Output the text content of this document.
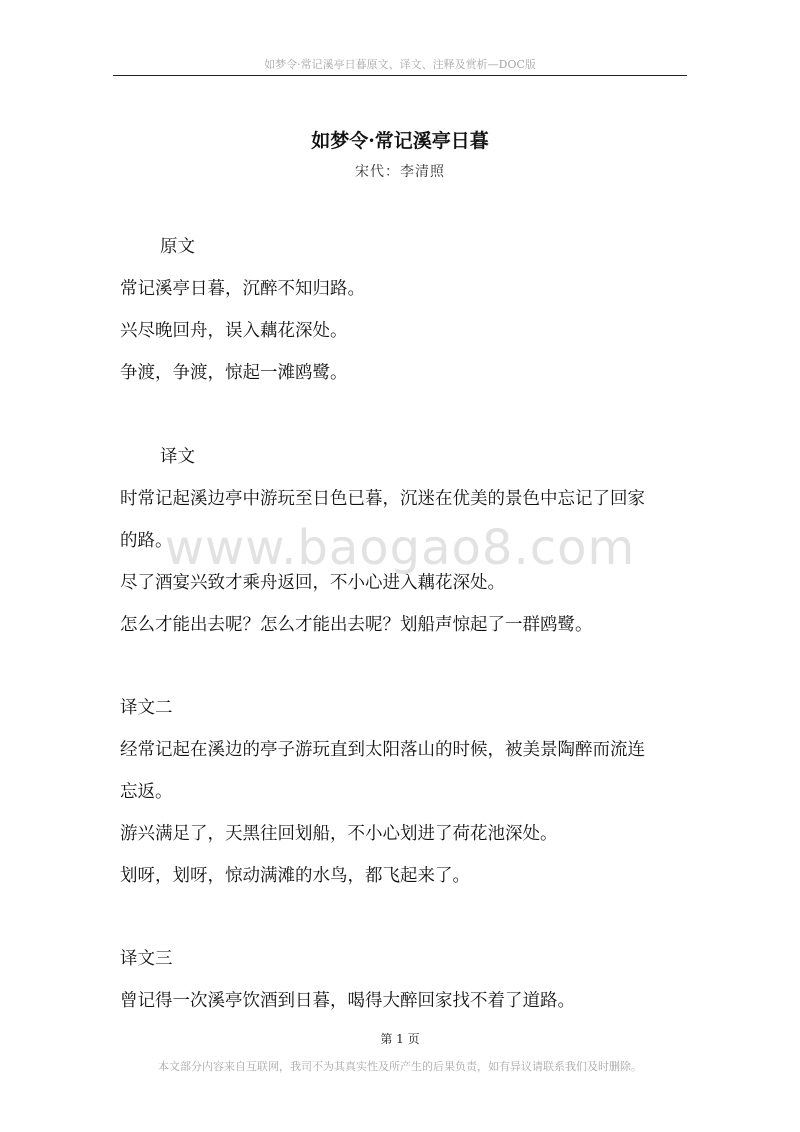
如梦令·常记溪亭日暮原文、译文、注释及赏析—DOC版
如梦令·常记溪亭日暮
宋代：李清照
原文
常记溪亭日暮，沉醉不知归路。
兴尽晚回舟，误入藕花深处。
争渡，争渡，惊起一滩鸥鹭。
译文
时常记起溪边亭中游玩至日色已暮，沉迷在优美的景色中忘记了回家
的路。
尽了酒宴兴致才乘舟返回，不小心进入藕花深处。
怎么才能出去呢？怎么才能出去呢？划船声惊起了一群鸥鹭。
译文二
经常记起在溪边的亭子游玩直到太阳落山的时候，被美景陶醉而流连
忘返。
游兴满足了，天黑往回划船，不小心划进了荷花池深处。
划呀，划呀，惊动满滩的水鸟，都飞起来了。
译文三
曾记得一次溪亭饮酒到日暮，喝得大醉回家找不着了道路。
www.baogao8.com
第 1 页
本文部分内容来自互联网，我司不为其真实性及所产生的后果负责，如有异议请联系我们及时删除。
